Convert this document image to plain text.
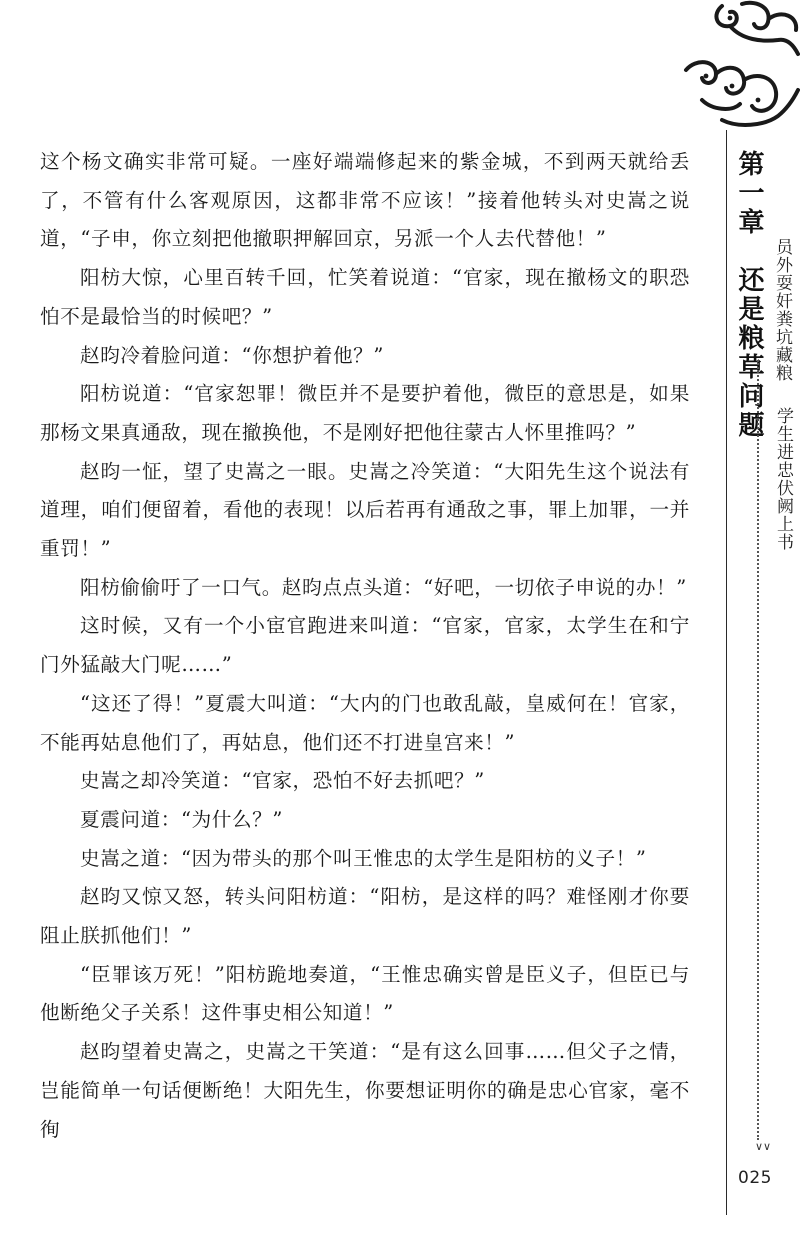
第一章　还是粮草问题 员外耍奸粪坑藏粮
学生进忠伏阙上书
∨∨
025

这个杨文确实非常可疑。一座好端端修起来的紫金城，不到两天就给丢了，不管有什么客观原因，这都非常不应该！”接着他转头对史嵩之说道，“子申，你立刻把他撤职押解回京，另派一个人去代替他！”

阳枋大惊，心里百转千回，忙笑着说道：“官家，现在撤杨文的职恐怕不是最恰当的时候吧？”

赵昀冷着脸问道：“你想护着他？”

阳枋说道：“官家恕罪！微臣并不是要护着他，微臣的意思是，如果那杨文果真通敌，现在撤换他，不是刚好把他往蒙古人怀里推吗？”

赵昀一怔，望了史嵩之一眼。史嵩之冷笑道：“大阳先生这个说法有道理，咱们便留着，看他的表现！以后若再有通敌之事，罪上加罪，一并重罚！”

阳枋偷偷吁了一口气。赵昀点点头道：“好吧，一切依子申说的办！”

这时候，又有一个小宦官跑进来叫道：“官家，官家，太学生在和宁门外猛敲大门呢……”

“这还了得！”夏震大叫道：“大内的门也敢乱敲，皇威何在！官家，不能再姑息他们了，再姑息，他们还不打进皇宫来！”

史嵩之却冷笑道：“官家，恐怕不好去抓吧？”

夏震问道：“为什么？”

史嵩之道：“因为带头的那个叫王惟忠的太学生是阳枋的义子！”

赵昀又惊又怒，转头问阳枋道：“阳枋，是这样的吗？难怪刚才你要阻止朕抓他们！”

“臣罪该万死！”阳枋跪地奏道，“王惟忠确实曾是臣义子，但臣已与他断绝父子关系！这件事史相公知道！”

赵昀望着史嵩之，史嵩之干笑道：“是有这么回事……但父子之情，岂能简单一句话便断绝！大阳先生，你要想证明你的确是忠心官家，毫不徇
